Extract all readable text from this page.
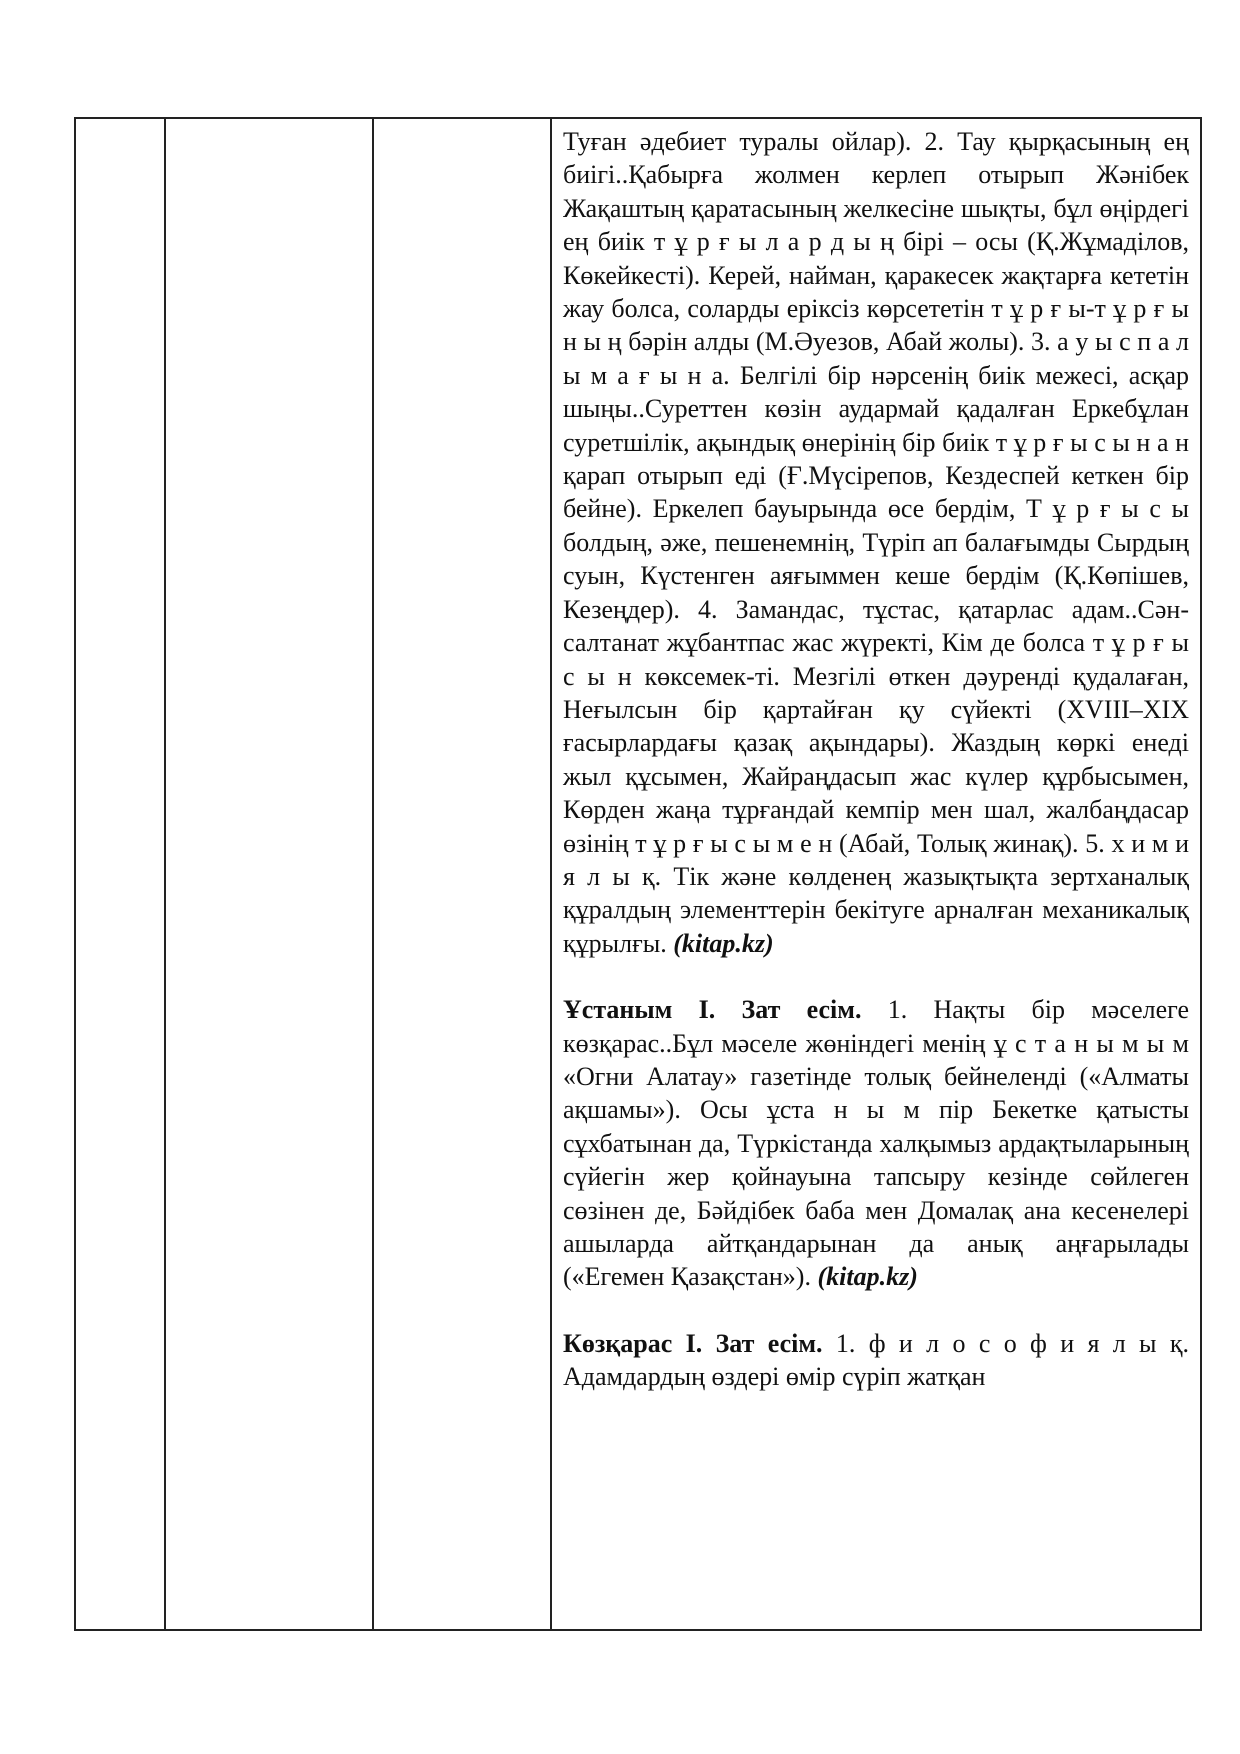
Туған әдебиет туралы ойлар). 2. Тау қырқасының ең биігі..Қабырға жолмен керлеп отырып Жәнібек Жақаштың қаратасының желкесіне шықты, бұл өңірдегі ең биік т ұ р ғ ы л а р д ы ң бірі – осы (Қ.Жұмаділов, Көкейкесті). Керей, найман, қаракесек жақтарға кететін жау болса, соларды еріксіз көрсететін т ұ р ғ ы-т ұ р ғ ы н ы ң бәрін алды (М.Әуезов, Абай жолы). 3. а у ы с п а л ы м а ғ ы н а. Белгілі бір нәрсенің биік межесі, асқар шыңы..Суреттен көзін аудармай қадалған Еркебұлан суретшілік, ақындық өнерінің бір биік т ұ р ғ ы с ы н а н қарап отырып еді (Ғ.Мүсірепов, Кездеспей кеткен бір бейне). Еркелеп бауырында өсе бердім, Т ұ р ғ ы с ы болдың, әже, пешенемнің, Түріп ап балағымды Сырдың суын, Күстенген аяғыммен кеше бердім (Қ.Көпішев, Кезеңдер). 4. Замандас, тұстас, қатарлас адам..Сән-салтанат жұбантпас жас жүректі, Кім де болса т ұ р ғ ы с ы н көксемек-ті. Мезгілі өткен дәуренді қудалаған, Неғылсын бір қартайған қу сүйекті (XVIII–XIX ғасырлардағы қазақ ақындары). Жаздың көркі енеді жыл құсымен, Жайраңдасып жас күлер құрбысымен, Көрден жаңа тұрғандай кемпір мен шал, жалбаңдасар өзінің т ұ р ғ ы с ы м е н (Абай, Толық жинақ). 5. х и м и я л ы қ. Тік және көлденең жазықтықта зертханалық құралдың элементтерін бекітуге арналған механикалық құрылғы. (kitap.kz)

Ұстаным I. Зат есім. 1. Нақты бір мәселеге көзқарас..Бұл мәселе жөніндегі менің ұ с т а н ы м ы м «Огни Алатау» газетінде толық бейнеленді («Алматы ақшамы»). Осы ұста н ы м пір Бекетке қатысты сұхбатынан да, Түркістанда халқымыз ардақтыларының сүйегін жер қойнауына тапсыру кезінде сөйлеген сөзінен де, Бәйдібек баба мен Домалақ ана кесенелері ашыларда айтқандарынан да анық аңғарылады («Егемен Қазақстан»). (kitap.kz)

Көзқарас I. Зат есім. 1. ф и л о с о ф и я л ы қ. Адамдардың өздері өмір сүріп жатқан
